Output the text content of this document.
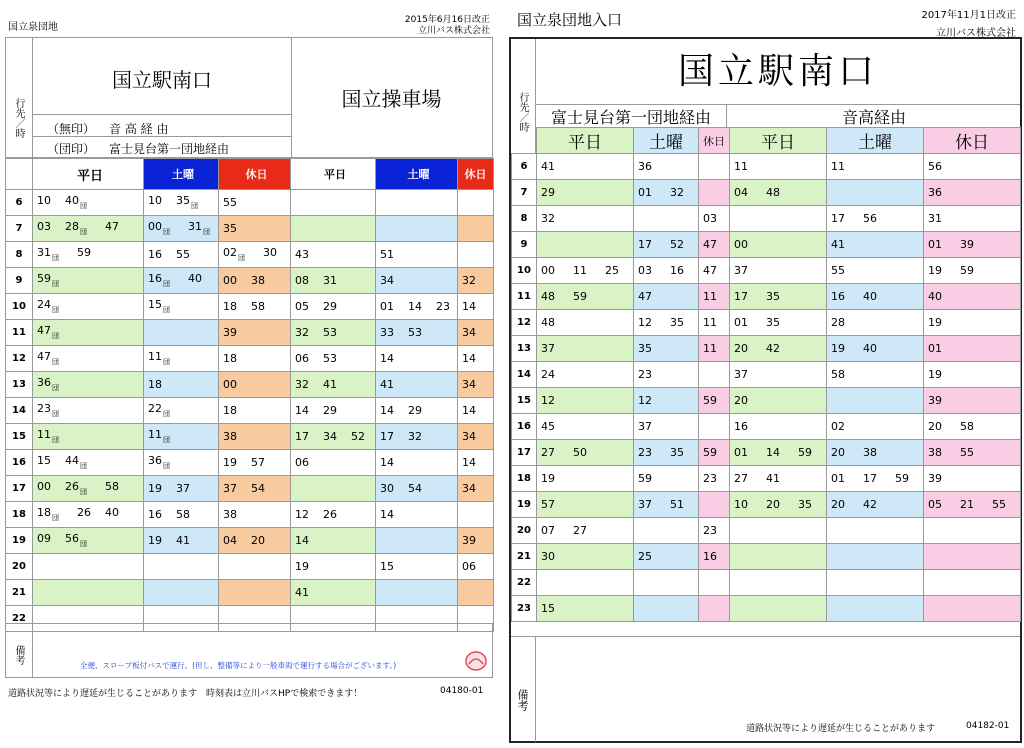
国立泉団地
2015年6月16日改正
立川バス株式会社
行先／時
国立駅南口
（無印） 音 高 経 由
（団印） 富士見台第一団地経由
国立操車場
	平日	土曜	休日	平日	土曜	休日
6	10 $40_団$	10 $35_団$	55			
7	03 $28_団$ 47	$00_団$ $31_団$	35			
8	$31_団$ 59	16 55	$02_団$ 30	43	51	
9	$59_団$	$16_団$ 40	00 38	08 31	34	32
10	$24_団$	$15_団$	18 58	05 29	01 14 23	14
11	$47_団$		39	32 53	33 53	34
12	$47_団$	$11_団$	18	06 53	14	14
13	$36_団$	18	00	32 41	41	34
14	$23_団$	$22_団$	18	14 29	14 29	14
15	$11_団$	$11_団$	38	17 34 52	17 32	34
16	15 $44_団$	$36_団$	19 57	06	14	14
17	00 $26_団$ 58	19 37	37 54		30 54	34
18	$18_団$ 26 40	16 58	38	12 26	14	
19	09 $56_団$	19 41	04 20	14		39
20				19	15	06
21				41		
22						
備考
全便、スロープ板付バスで運行。(但し、整備等により一般車両で運行する場合がございます。)
道路状況等により遅延が生じることがあります　時刻表は立川バスHPで検索できます！	04180-01
国立泉団地入口	2017年11月1日改正
立川バス株式会社
行先／時
国立駅南口
富士見台第一団地経由	音高経由
	平日	土曜	休日	平日	土曜	休日
6	41	36		11	11	56
7	29	01 32		04 48		36
8	32		03		17 56	31
9		17 52	47	00	41	01 39
10	00 11 25	03 16	47	37	55	19 59
11	48 59	47	11	17 35	16 40	40
12	48	12 35	11	01 35	28	19
13	37	35	11	20 42	19 40	01
14	24	23		37	58	19
15	12	12	59	20		39
16	45	37		16	02	20 58
17	27 50	23 35	59	01 14 59	20 38	38 55
18	19	59	23	27 41	01 17 59	39
19	57	37 51		10 20 35	20 42	05 21 55
20	07 27		23			
21	30	25	16			
22						
23	15					
備考
道路状況等により遅延が生じることがあります	04182-01
